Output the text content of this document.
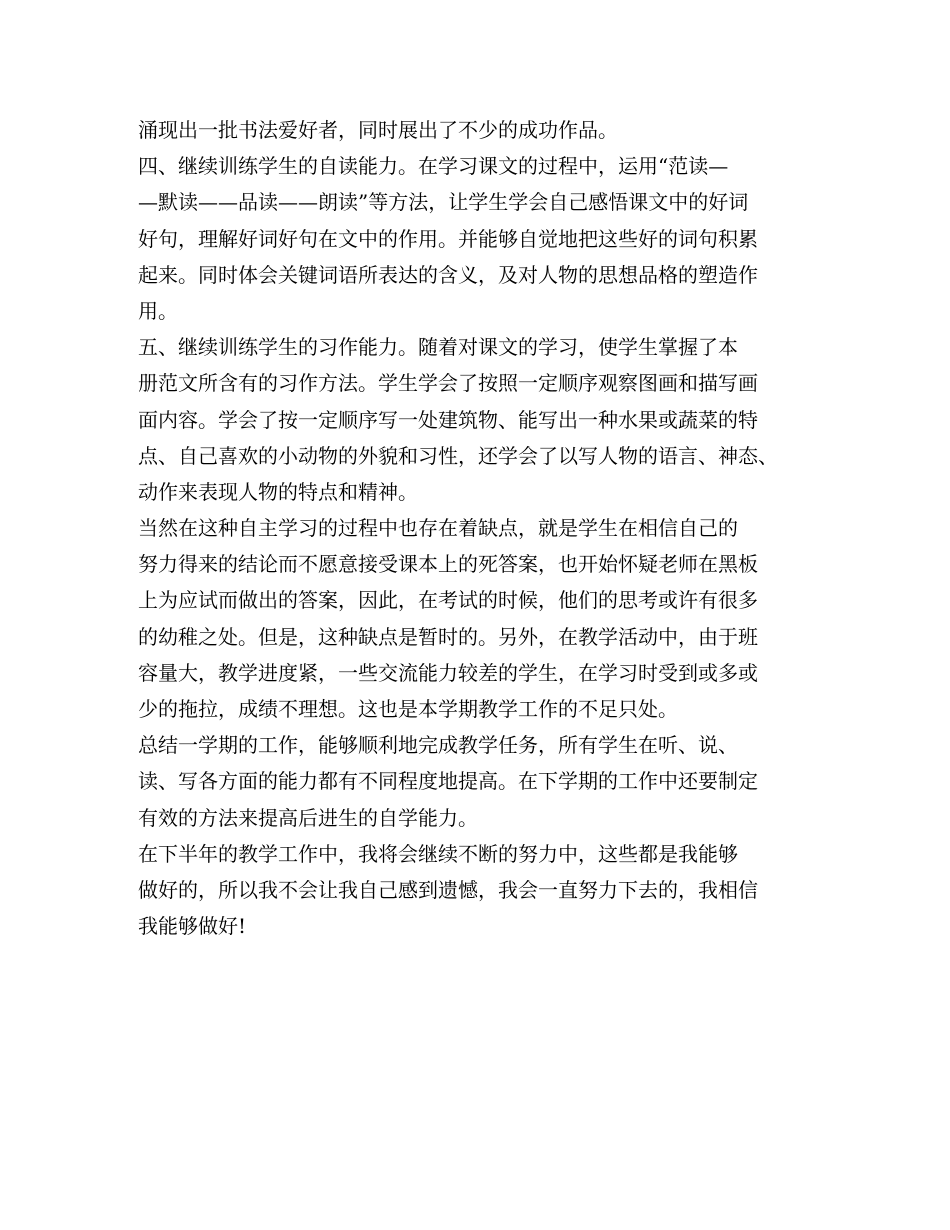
涌现出一批书法爱好者，同时展出了不少的成功作品。
四、继续训练学生的自读能力。在学习课文的过程中，运用“范读—
—默读——品读——朗读”等方法，让学生学会自己感悟课文中的好词
好句，理解好词好句在文中的作用。并能够自觉地把这些好的词句积累
起来。同时体会关键词语所表达的含义，及对人物的思想品格的塑造作
用。
五、继续训练学生的习作能力。随着对课文的学习，使学生掌握了本
册范文所含有的习作方法。学生学会了按照一定顺序观察图画和描写画
面内容。学会了按一定顺序写一处建筑物、能写出一种水果或蔬菜的特
点、自己喜欢的小动物的外貌和习性，还学会了以写人物的语言、神态、
动作来表现人物的特点和精神。
当然在这种自主学习的过程中也存在着缺点，就是学生在相信自己的
努力得来的结论而不愿意接受课本上的死答案，也开始怀疑老师在黑板
上为应试而做出的答案，因此，在考试的时候，他们的思考或许有很多
的幼稚之处。但是，这种缺点是暂时的。另外，在教学活动中，由于班
容量大，教学进度紧，一些交流能力较差的学生，在学习时受到或多或
少的拖拉，成绩不理想。这也是本学期教学工作的不足只处。
总结一学期的工作，能够顺利地完成教学任务，所有学生在听、说、
读、写各方面的能力都有不同程度地提高。在下学期的工作中还要制定
有效的方法来提高后进生的自学能力。
在下半年的教学工作中，我将会继续不断的努力中，这些都是我能够
做好的，所以我不会让我自己感到遗憾，我会一直努力下去的，我相信
我能够做好!
